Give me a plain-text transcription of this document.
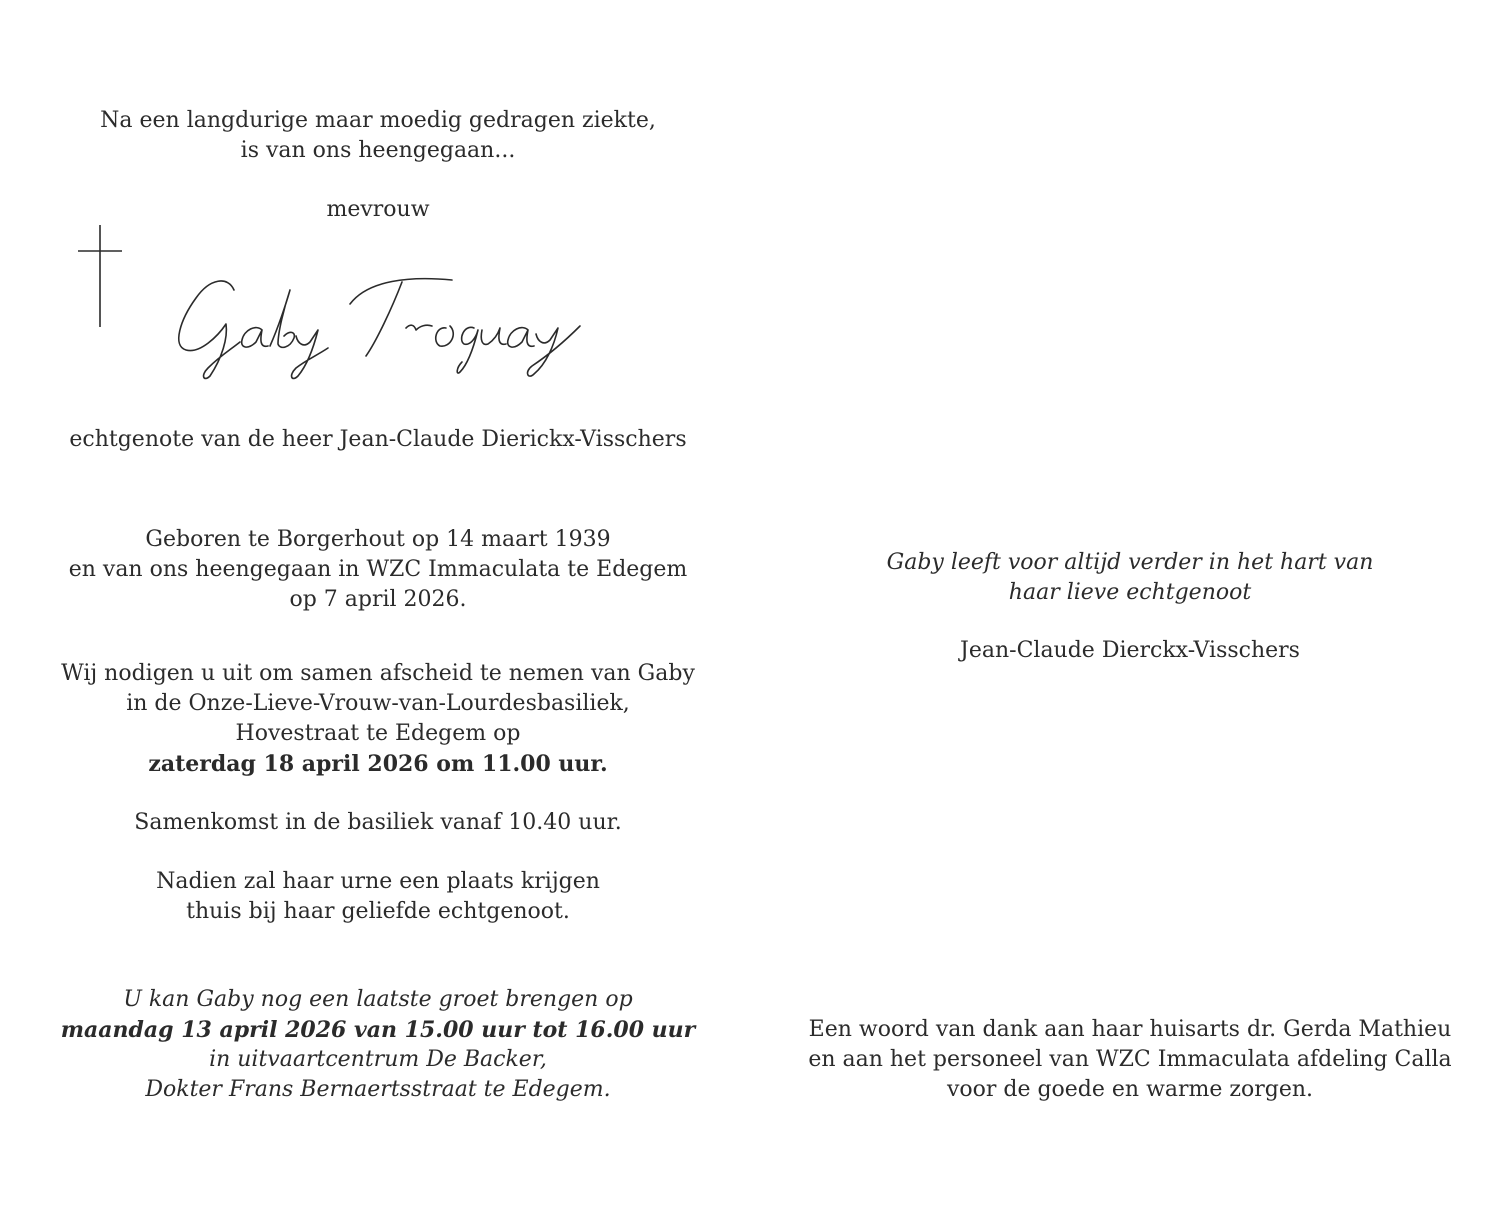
Na een langdurige maar moedig gedragen ziekte,
is van ons heengegaan...
mevrouw
echtgenote van de heer Jean-Claude Dierickx-Visschers
Geboren te Borgerhout op 14 maart 1939
en van ons heengegaan in WZC Immaculata te Edegem
op 7 april 2026.
Wij nodigen u uit om samen afscheid te nemen van Gaby
in de Onze-Lieve-Vrouw-van-Lourdesbasiliek,
Hovestraat te Edegem op
zaterdag 18 april 2026 om 11.00 uur.
Samenkomst in de basiliek vanaf 10.40 uur.
Nadien zal haar urne een plaats krijgen
thuis bij haar geliefde echtgenoot.
U kan Gaby nog een laatste groet brengen op
maandag 13 april 2026 van 15.00 uur tot 16.00 uur
in uitvaartcentrum De Backer,
Dokter Frans Bernaertsstraat te Edegem.
Gaby leeft voor altijd verder in het hart van
haar lieve echtgenoot
Jean-Claude Dierckx-Visschers
Een woord van dank aan haar huisarts dr. Gerda Mathieu
en aan het personeel van WZC Immaculata afdeling Calla
voor de goede en warme zorgen.
